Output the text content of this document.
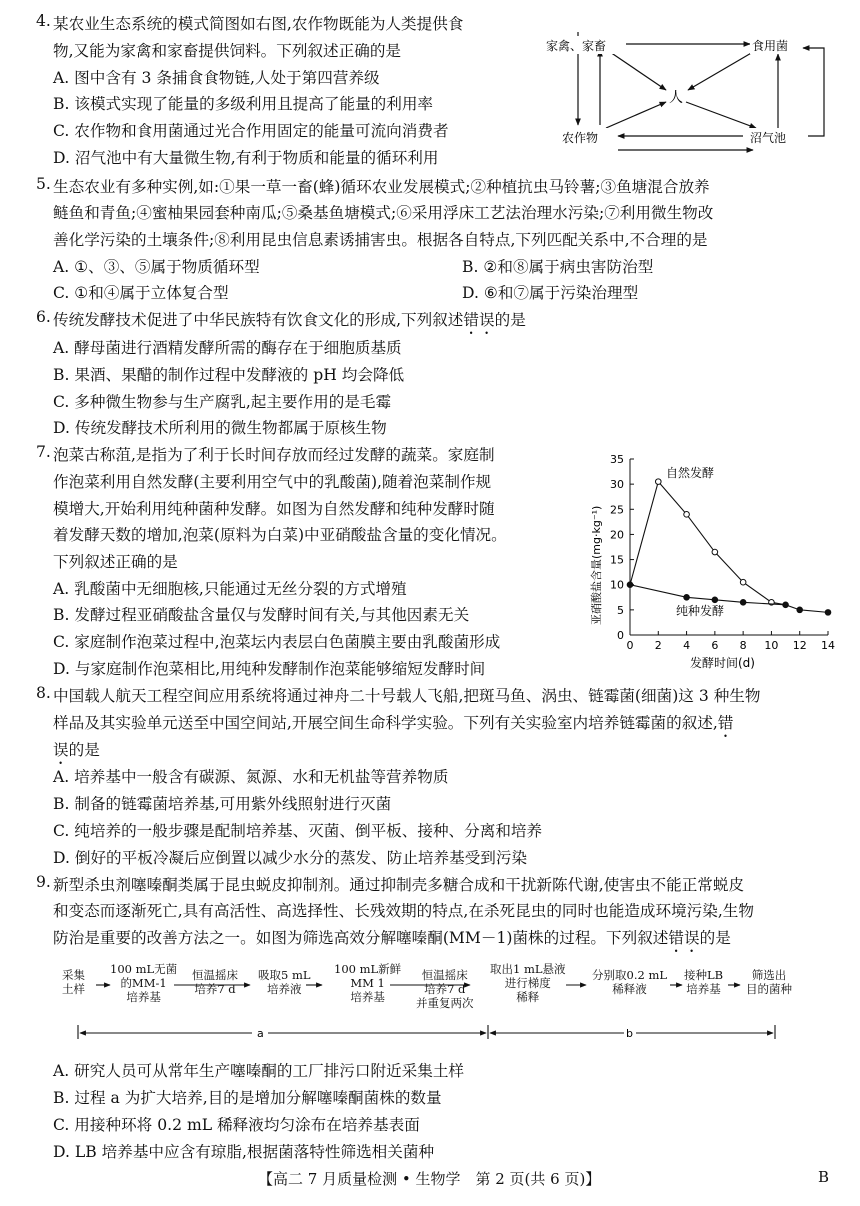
4. 某农业生态系统的模式简图如右图,农作物既能为人类提供食
物,又能为家禽和家畜提供饲料。下列叙述正确的是
A. 图中含有 3 条捕食食物链,人处于第四营养级
B. 该模式实现了能量的多级利用且提高了能量的利用率
C. 农作物和食用菌通过光合作用固定的能量可流向消费者
D. 沼气池中有大量微生物,有利于物质和能量的循环利用
家禽、家畜	食用菌
人
农作物	沼气池
5. 生态农业有多种实例,如:①果一草一畜(蜂)循环农业发展模式;②种植抗虫马铃薯;③鱼塘混合放养
鲢鱼和青鱼;④蜜柚果园套种南瓜;⑤桑基鱼塘模式;⑥采用浮床工艺法治理水污染;⑦利用微生物改
善化学污染的土壤条件;⑧利用昆虫信息素诱捕害虫。根据各自特点,下列匹配关系中,不合理的是
A. ①、③、⑤属于物质循环型	B. ②和⑧属于病虫害防治型
C. ①和④属于立体复合型	D. ⑥和⑦属于污染治理型
6. 传统发酵技术促进了中华民族特有饮食文化的形成,下列叙述错误的是
A. 酵母菌进行酒精发酵所需的酶存在于细胞质基质
B. 果酒、果醋的制作过程中发酵液的 pH 均会降低
C. 多种微生物参与生产腐乳,起主要作用的是毛霉
D. 传统发酵技术所利用的微生物都属于原核生物
7. 泡菜古称菹,是指为了利于长时间存放而经过发酵的蔬菜。家庭制
作泡菜利用自然发酵(主要利用空气中的乳酸菌),随着泡菜制作规
模增大,开始利用纯种菌种发酵。如图为自然发酵和纯种发酵时随
着发酵天数的增加,泡菜(原料为白菜)中亚硝酸盐含量的变化情况。
下列叙述正确的是
A. 乳酸菌中无细胞核,只能通过无丝分裂的方式增殖
B. 发酵过程亚硝酸盐含量仅与发酵时间有关,与其他因素无关
C. 家庭制作泡菜过程中,泡菜坛内表层白色菌膜主要由乳酸菌形成
D. 与家庭制作泡菜相比,用纯种发酵制作泡菜能够缩短发酵时间
0
5
10
15
20
25
30
35
0 2 4 6 8 10 12 14
亚硝酸盐含量(mg·kg⁻¹)
发酵时间(d)
自然发酵
纯种发酵
8. 中国载人航天工程空间应用系统将通过神舟二十号载人飞船,把斑马鱼、涡虫、链霉菌(细菌)这 3 种生物
样品及其实验单元送至中国空间站,开展空间生命科学实验。下列有关实验室内培养链霉菌的叙述,错
误的是
A. 培养基中一般含有碳源、氮源、水和无机盐等营养物质
B. 制备的链霉菌培养基,可用紫外线照射进行灭菌
C. 纯培养的一般步骤是配制培养基、灭菌、倒平板、接种、分离和培养
D. 倒好的平板冷凝后应倒置以减少水分的蒸发、防止培养基受到污染
9. 新型杀虫剂噻嗪酮类属于昆虫蜕皮抑制剂。通过抑制壳多糖合成和干扰新陈代谢,使害虫不能正常蜕皮
和变态而逐渐死亡,具有高活性、高选择性、长残效期的特点,在杀死昆虫的同时也能造成环境污染,生物
防治是重要的改善方法之一。如图为筛选高效分解噻嗪酮(MM－1)菌株的过程。下列叙述错误的是
a	b
采集
土样
100 mL无菌
的MM-1
培养基
恒温摇床
培养7 d
吸取5 mL
培养液
100 mL新鲜
MM 1
培养基
恒温摇床
培养7 d
并重复两次
取出1 mL悬液
进行梯度
稀释
分别取0.2 mL
稀释液
接种LB
培养基
筛选出
目的菌种
A. 研究人员可从常年生产噻嗪酮的工厂排污口附近采集土样
B. 过程 a 为扩大培养,目的是增加分解噻嗪酮菌株的数量
C. 用接种环将 0.2 mL 稀释液均匀涂布在培养基表面
D. LB 培养基中应含有琼脂,根据菌落特性筛选相关菌种
【高二 7 月质量检测 • 生物学　第 2 页(共 6 页)】	B
